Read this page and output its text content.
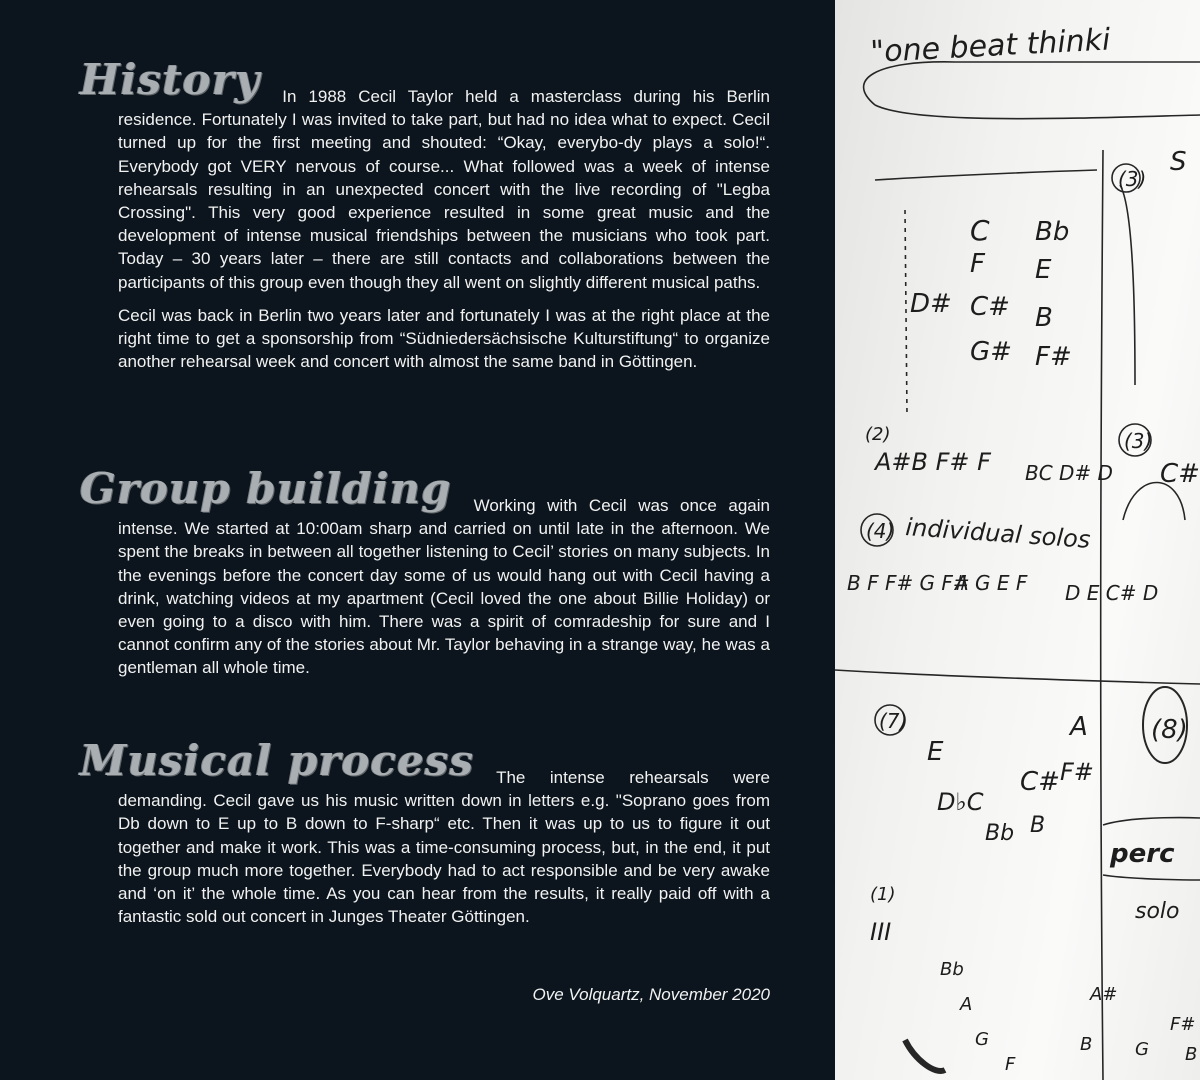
History	In 1988 Cecil Taylor held a masterclass during his Berlin residence. Fortunately I was invited to take part, but had no idea what to expect. Cecil turned up for the first meeting and shouted: “Okay, everybo-dy plays a solo!“. Everybody got VERY nervous of course... What followed was a week of intense rehearsals resulting in an unexpected concert with the live recording of "Legba Crossing". This very good experience resulted in some great music and the development of intense musical friendships between the musicians who took part. Today – 30 years later – there are still contacts and collaborations between the participants of this group even though they all went on slightly different musical paths.

Cecil was back in Berlin two years later and fortunately I was at the right place at the right time to get a sponsorship from “Südniedersächsische Kulturstiftung“ to organize another rehearsal week and concert with almost the same band in Göttingen.

Group building	Working with Cecil was once again intense. We started at 10:00am sharp and carried on until late in the afternoon. We spent the breaks in between all together listening to Cecil’ stories on many subjects. In the evenings before the concert day some of us would hang out with Cecil having a drink, watching videos at my apartment (Cecil loved the one about Billie Holiday) or even going to a disco with him. There was a spirit of comradeship for sure and I cannot confirm any of the stories about Mr. Taylor behaving in a strange way, he was a gentleman all whole time.

Musical process	The intense rehearsals were demanding. Cecil gave us his music written down in letters e.g. "Soprano goes from Db down to E up to B down to F-sharp“ etc. Then it was up to us to figure it out together and make it work. This was a time-consuming process, but, in the end, it put the group much more together. Everybody had to act responsible and be very awake and ‘on it’ the whole time. As you can hear from the results, it really paid off with a fantastic sold out concert in Junges Theater Göttingen.

Ove Volquartz, November 2020
"one beat thinki
(3)
S
C Bb
F E
D# C# B
G# F#
(2)
A#B F# F BC D# D
(3)
C#
(4) individual solos
B F F# G F#
A G E F D E C# D
(7)
E
D♭C
C# F#
A
Bb B
(8)
perc
solo
(1)
III
Bb
A
G
F
A#
B G
F#
B
